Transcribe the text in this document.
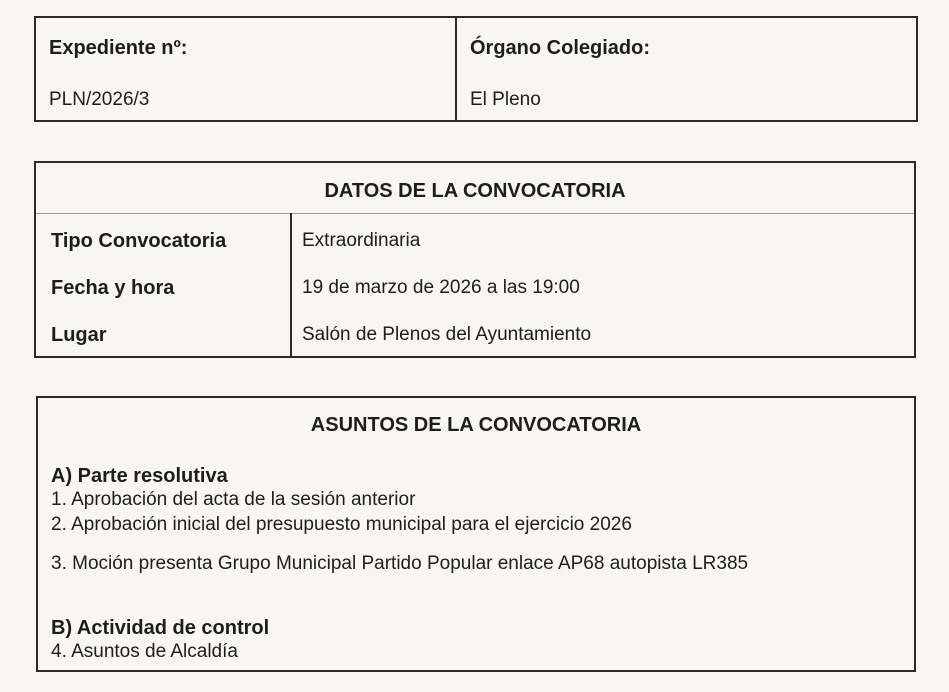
Expediente nº:
PLN/2026/3
Órgano Colegiado:
El Pleno
DATOS DE LA CONVOCATORIA
Tipo Convocatoria	Extraordinaria
Fecha y hora	19 de marzo de 2026 a las 19:00
Lugar	Salón de Plenos del Ayuntamiento
ASUNTOS DE LA CONVOCATORIA
A) Parte resolutiva
1. Aprobación del acta de la sesión anterior
2. Aprobación inicial del presupuesto municipal para el ejercicio 2026
3. Moción presenta Grupo Municipal Partido Popular enlace AP68 autopista LR385
B) Actividad de control
4. Asuntos de Alcaldía
